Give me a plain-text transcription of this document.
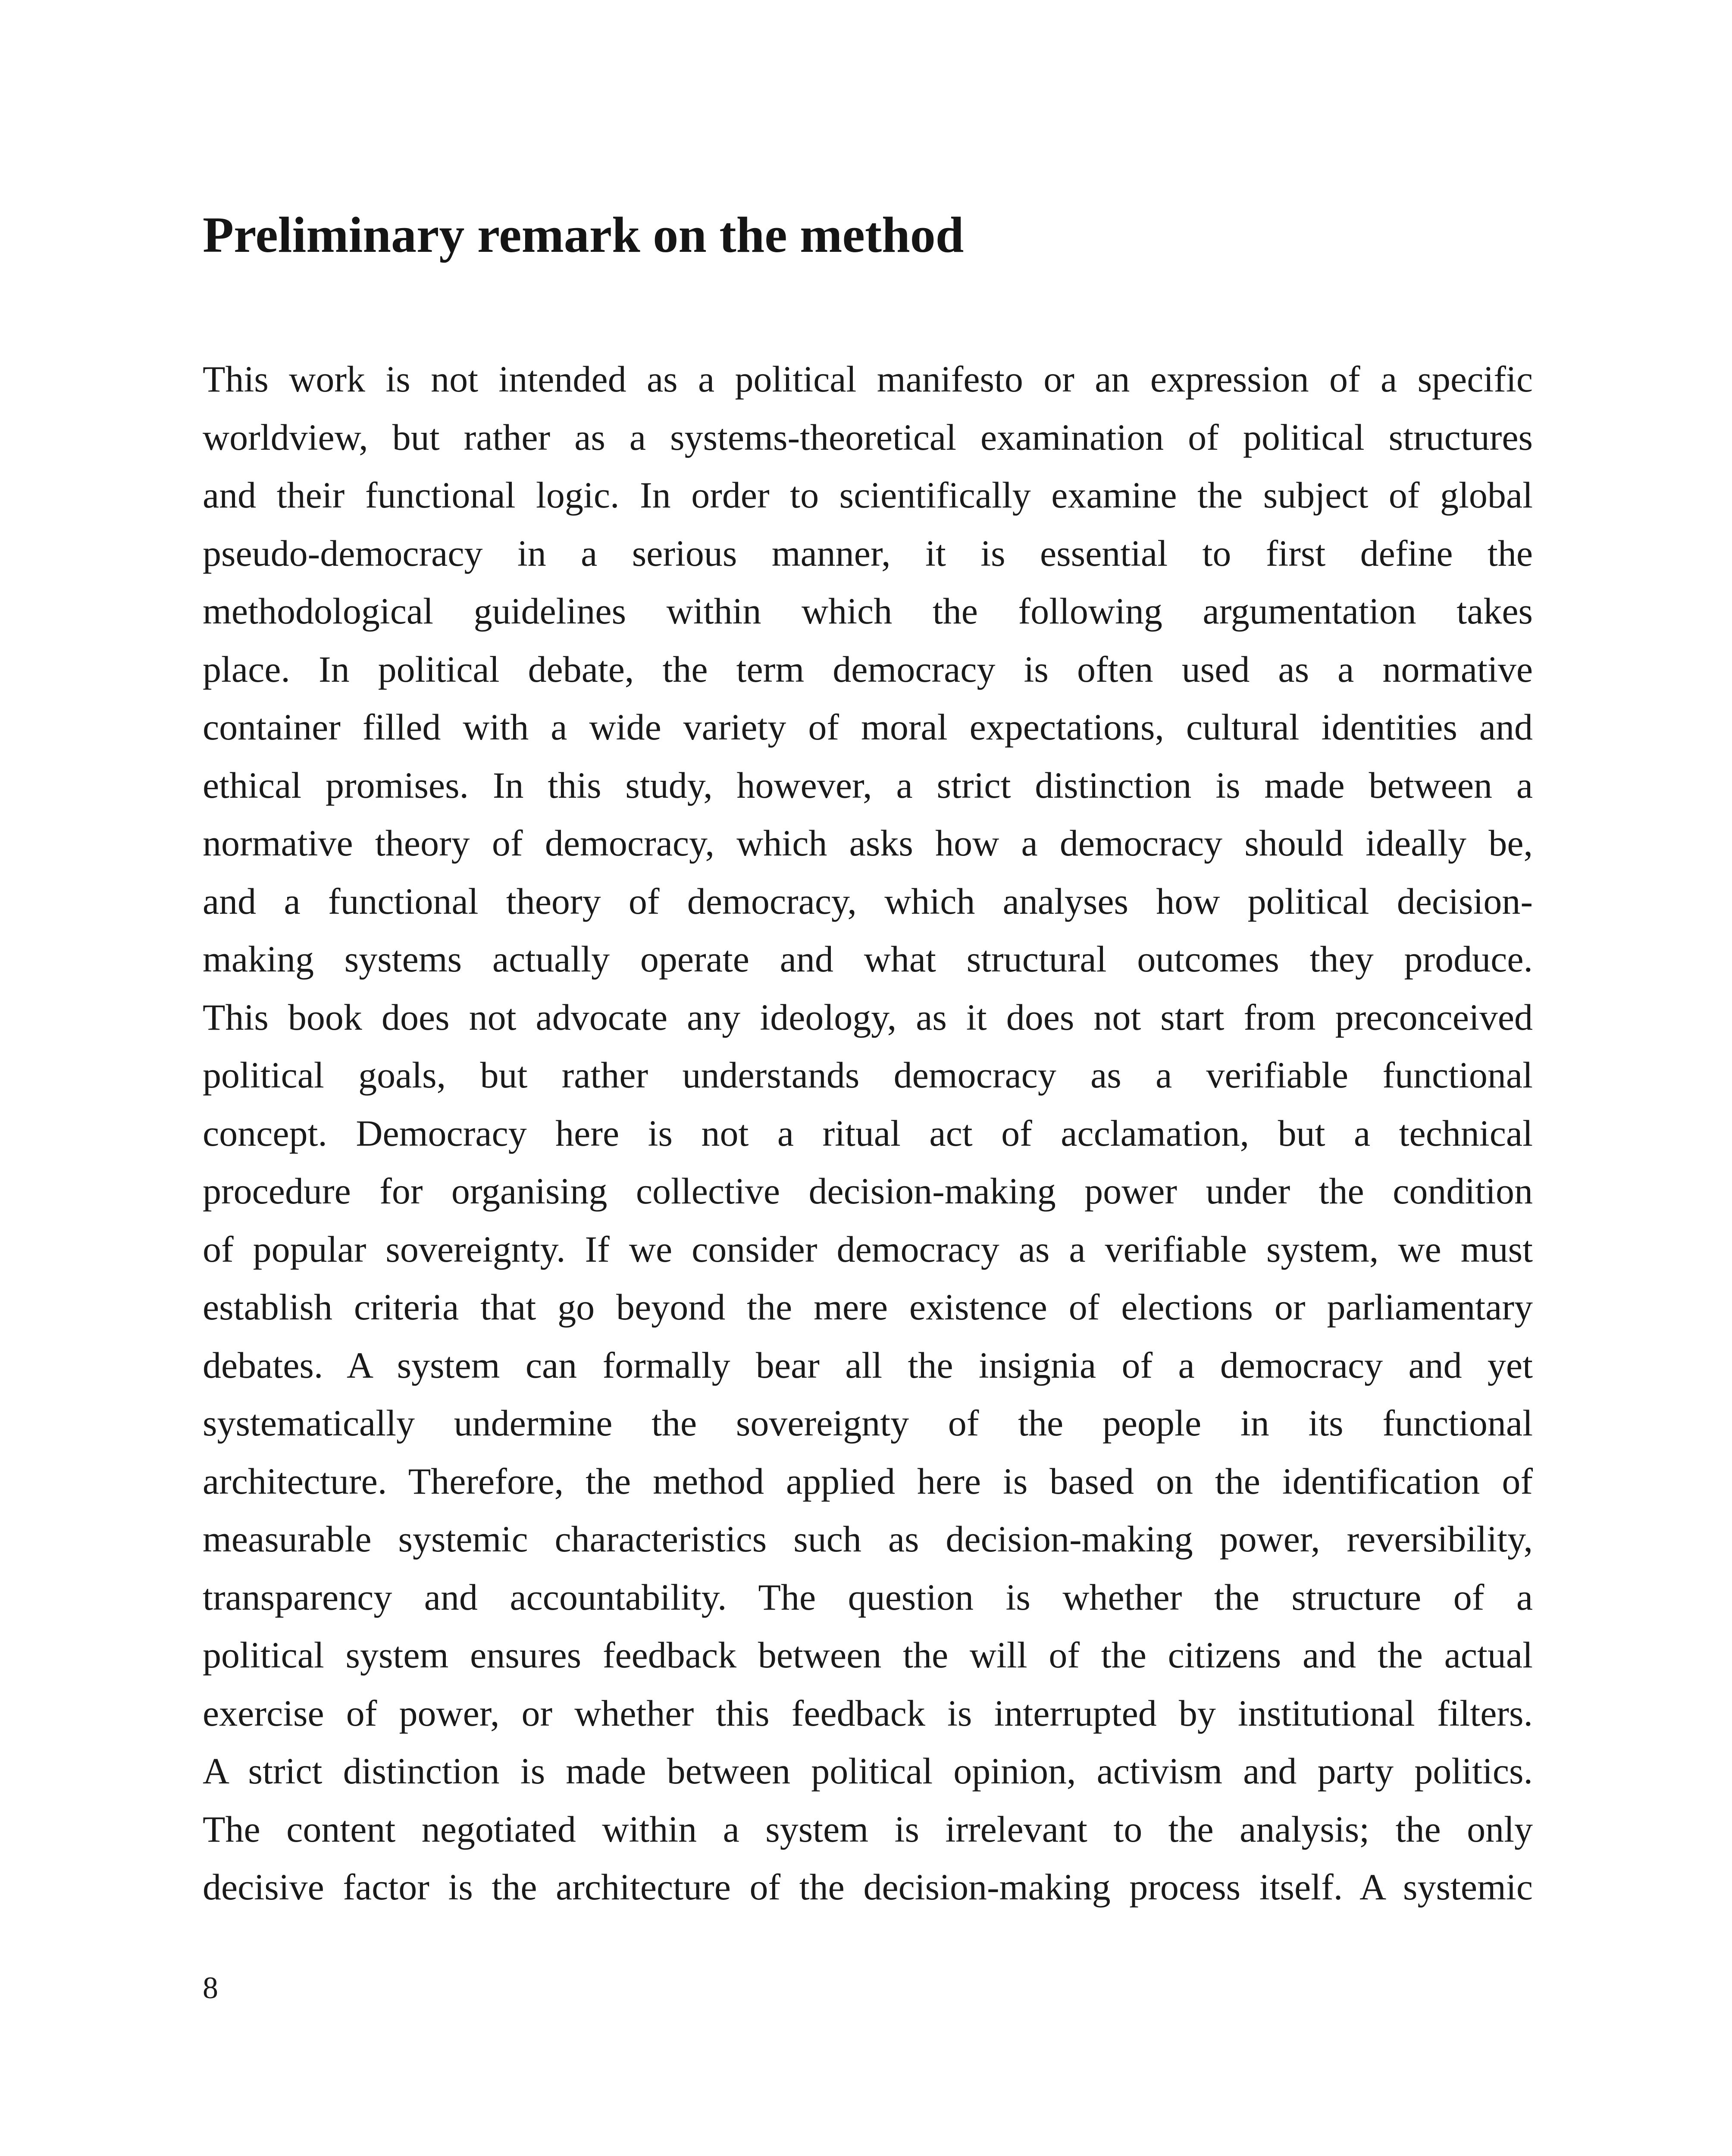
Preliminary remark on the method
This work is not intended as a political manifesto or an expression of a specific
worldview, but rather as a systems-theoretical examination of political structures
and their functional logic. In order to scientifically examine the subject of global
pseudo-democracy in a serious manner, it is essential to first define the
methodological guidelines within which the following argumentation takes
place. In political debate, the term democracy is often used as a normative
container filled with a wide variety of moral expectations, cultural identities and
ethical promises. In this study, however, a strict distinction is made between a
normative theory of democracy, which asks how a democracy should ideally be,
and a functional theory of democracy, which analyses how political decision-
making systems actually operate and what structural outcomes they produce.
This book does not advocate any ideology, as it does not start from preconceived
political goals, but rather understands democracy as a verifiable functional
concept. Democracy here is not a ritual act of acclamation, but a technical
procedure for organising collective decision-making power under the condition
of popular sovereignty. If we consider democracy as a verifiable system, we must
establish criteria that go beyond the mere existence of elections or parliamentary
debates. A system can formally bear all the insignia of a democracy and yet
systematically undermine the sovereignty of the people in its functional
architecture. Therefore, the method applied here is based on the identification of
measurable systemic characteristics such as decision-making power, reversibility,
transparency and accountability. The question is whether the structure of a
political system ensures feedback between the will of the citizens and the actual
exercise of power, or whether this feedback is interrupted by institutional filters.
A strict distinction is made between political opinion, activism and party politics.
The content negotiated within a system is irrelevant to the analysis; the only
decisive factor is the architecture of the decision-making process itself. A systemic
8
